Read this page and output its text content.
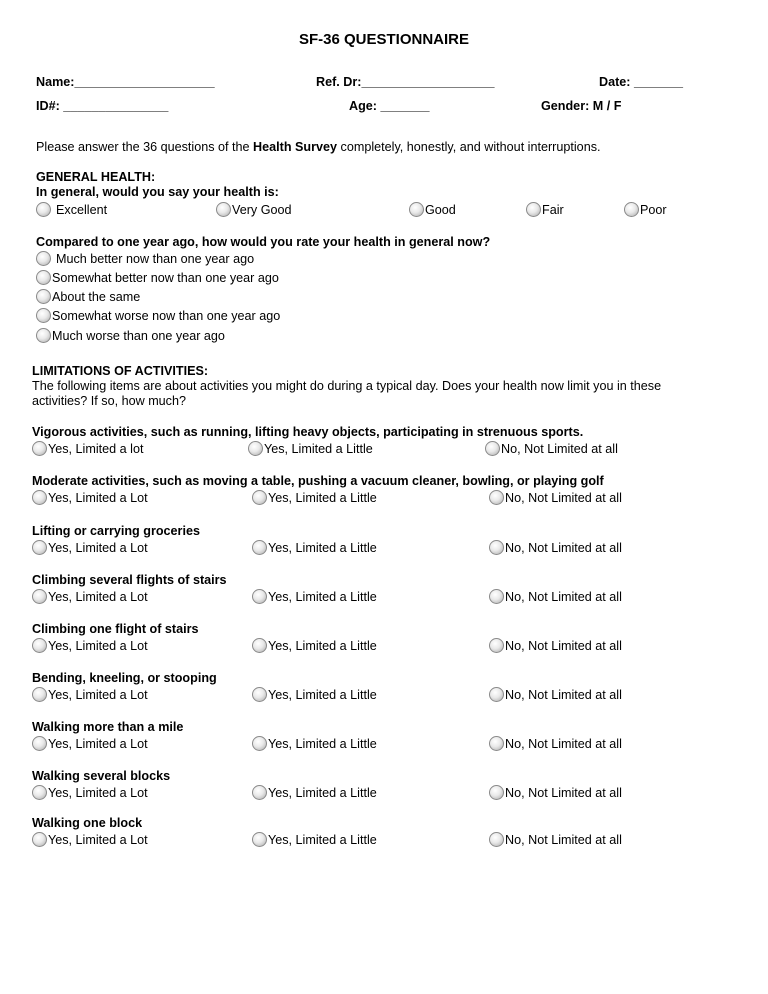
SF-36 QUESTIONNAIRE
Name:____________________	Ref. Dr:___________________	Date: _______
ID#: _______________	Age: _______	Gender: M / F
Please answer the 36 questions of the Health Survey completely, honestly, and without interruptions.
GENERAL HEALTH:
In general, would you say your health is:
Excellent	Very Good	Good	Fair	Poor
Compared to one year ago, how would you rate your health in general now?
Much better now than one year ago
Somewhat better now than one year ago
About the same
Somewhat worse now than one year ago
Much worse than one year ago
LIMITATIONS OF ACTIVITIES:
The following items are about activities you might do during a typical day. Does your health now limit you in these
activities? If so, how much?
Vigorous activities, such as running, lifting heavy objects, participating in strenuous sports.
Yes, Limited a lot	Yes, Limited a Little	No, Not Limited at all
Moderate activities, such as moving a table, pushing a vacuum cleaner, bowling, or playing golf
Yes, Limited a Lot	Yes, Limited a Little	No, Not Limited at all
Lifting or carrying groceries
Yes, Limited a Lot	Yes, Limited a Little	No, Not Limited at all
Climbing several flights of stairs
Yes, Limited a Lot	Yes, Limited a Little	No, Not Limited at all
Climbing one flight of stairs
Yes, Limited a Lot	Yes, Limited a Little	No, Not Limited at all
Bending, kneeling, or stooping
Yes, Limited a Lot	Yes, Limited a Little	No, Not Limited at all
Walking more than a mile
Yes, Limited a Lot	Yes, Limited a Little	No, Not Limited at all
Walking several blocks
Yes, Limited a Lot	Yes, Limited a Little	No, Not Limited at all
Walking one block
Yes, Limited a Lot	Yes, Limited a Little	No, Not Limited at all
